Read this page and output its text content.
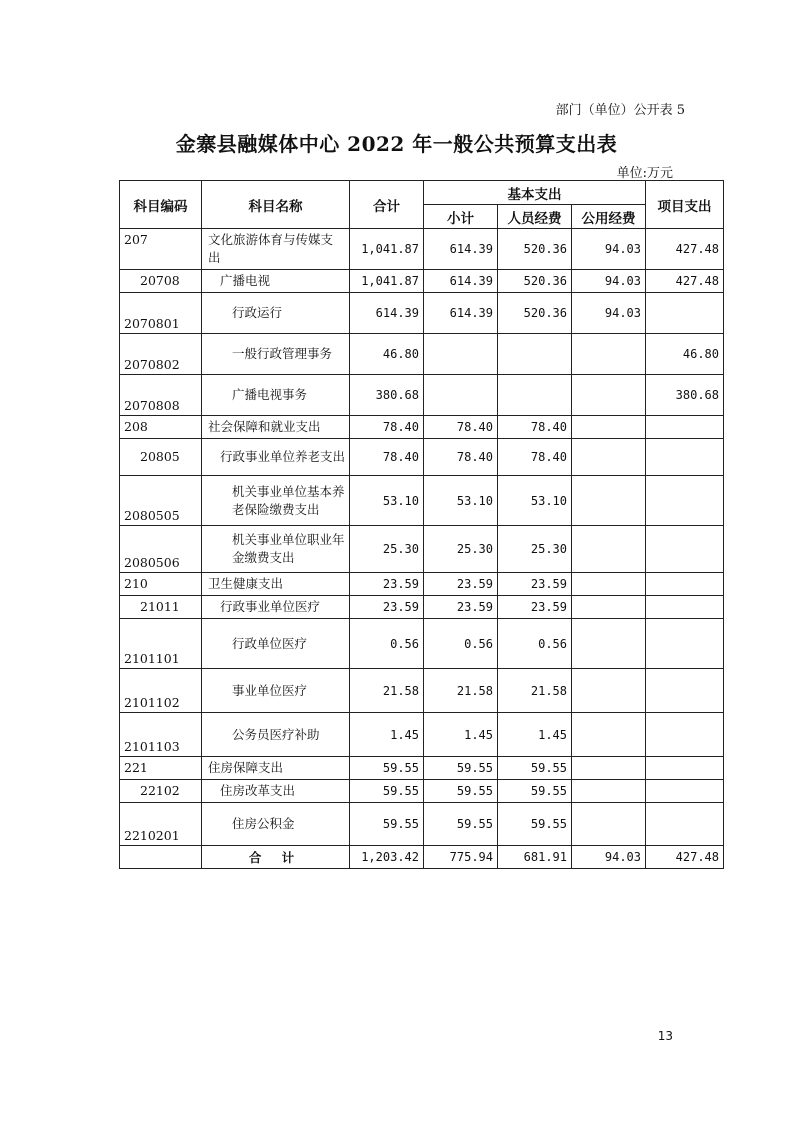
部门（单位）公开表 5
金寨县融媒体中心 2022 年一般公共预算支出表
单位:万元
科目编码	科目名称	合计	基本支出			项目支出
			小计	人员经费	公用经费	
207	文化旅游体育与传媒支出	1,041.87	614.39	520.36	94.03	427.48
20708	广播电视	1,041.87	614.39	520.36	94.03	427.48
2070801	行政运行	614.39	614.39	520.36	94.03	
2070802	一般行政管理事务	46.80				46.80
2070808	广播电视事务	380.68				380.68
208	社会保障和就业支出	78.40	78.40	78.40		
20805	行政事业单位养老支出	78.40	78.40	78.40		
2080505	机关事业单位基本养老保险缴费支出	53.10	53.10	53.10		
2080506	机关事业单位职业年金缴费支出	25.30	25.30	25.30		
210	卫生健康支出	23.59	23.59	23.59		
21011	行政事业单位医疗	23.59	23.59	23.59		
2101101	行政单位医疗	0.56	0.56	0.56		
2101102	事业单位医疗	21.58	21.58	21.58		
2101103	公务员医疗补助	1.45	1.45	1.45		
221	住房保障支出	59.55	59.55	59.55		
22102	住房改革支出	59.55	59.55	59.55		
2210201	住房公积金	59.55	59.55	59.55		
	合 计	1,203.42	775.94	681.91	94.03	427.48
13
